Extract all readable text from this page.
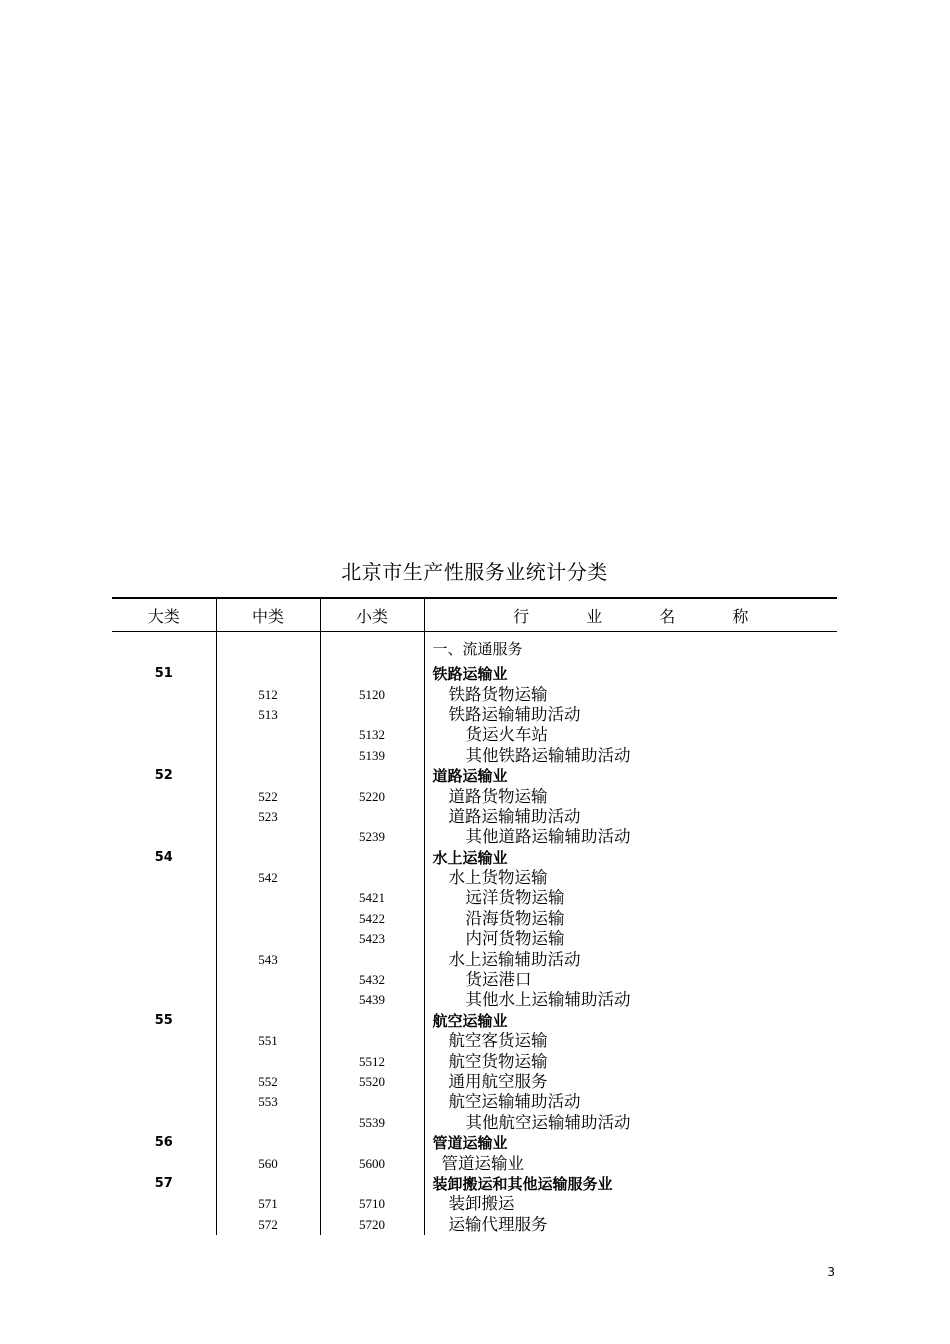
北京市生产性服务业统计分类
大类	中类	小类	行 业 名 称
			一、流通服务
51			铁路运输业
	512	5120	铁路货物运输
	513		铁路运输辅助活动
		5132	货运火车站
		5139	其他铁路运输辅助活动
52			道路运输业
	522	5220	道路货物运输
	523		道路运输辅助活动
		5239	其他道路运输辅助活动
54			水上运输业
	542		水上货物运输
		5421	远洋货物运输
		5422	沿海货物运输
		5423	内河货物运输
	543		水上运输辅助活动
		5432	货运港口
		5439	其他水上运输辅助活动
55			航空运输业
	551		航空客货运输
		5512	航空货物运输
	552	5520	通用航空服务
	553		航空运输辅助活动
		5539	其他航空运输辅助活动
56			管道运输业
	560	5600	管道运输业
57			装卸搬运和其他运输服务业
	571	5710	装卸搬运
	572	5720	运输代理服务
3
